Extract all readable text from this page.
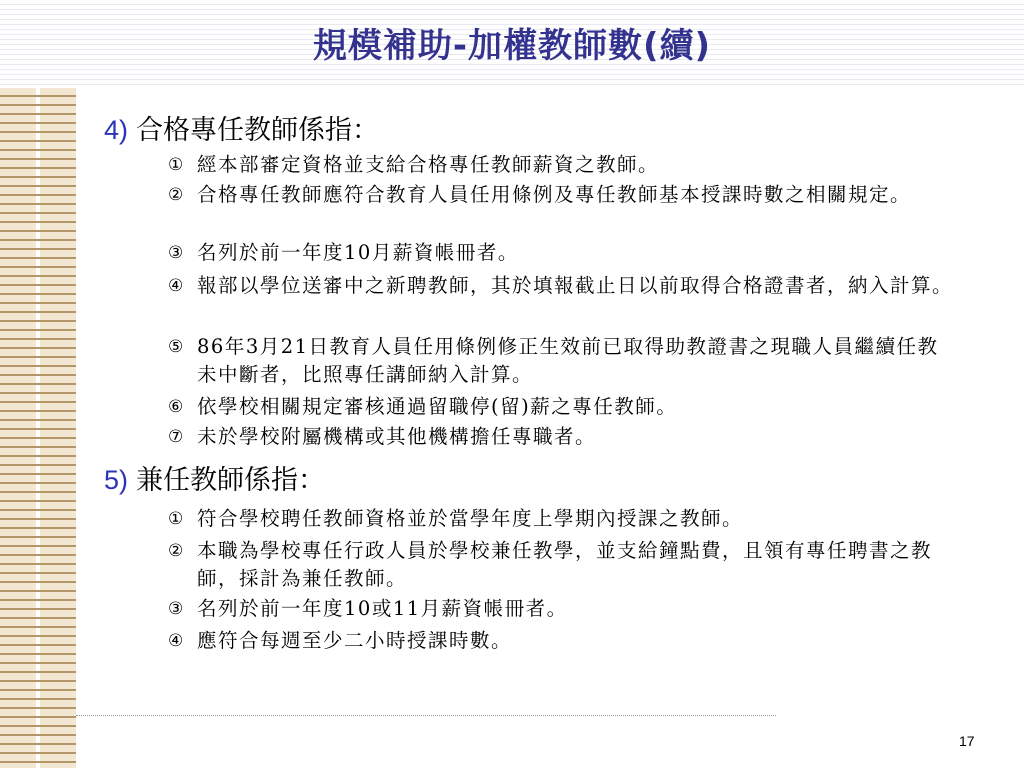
規模補助-加權教師數(續)
4) 合格專任教師係指：
① 經本部審定資格並支給合格專任教師薪資之教師。
② 合格專任教師應符合教育人員任用條例及專任教師基本授課時數之相關規定。
③ 名列於前一年度10月薪資帳冊者。
④ 報部以學位送審中之新聘教師，其於填報截止日以前取得合格證書者，納入計算。
⑤ 86年3月21日教育人員任用條例修正生效前已取得助教證書之現職人員繼續任教未中斷者，比照專任講師納入計算。
⑥ 依學校相關規定審核通過留職停(留)薪之專任教師。
⑦ 未於學校附屬機構或其他機構擔任專職者。
5) 兼任教師係指：
① 符合學校聘任教師資格並於當學年度上學期內授課之教師。
② 本職為學校專任行政人員於學校兼任教學，並支給鐘點費，且領有專任聘書之教師，採計為兼任教師。
③ 名列於前一年度10或11月薪資帳冊者。
④ 應符合每週至少二小時授課時數。
17
